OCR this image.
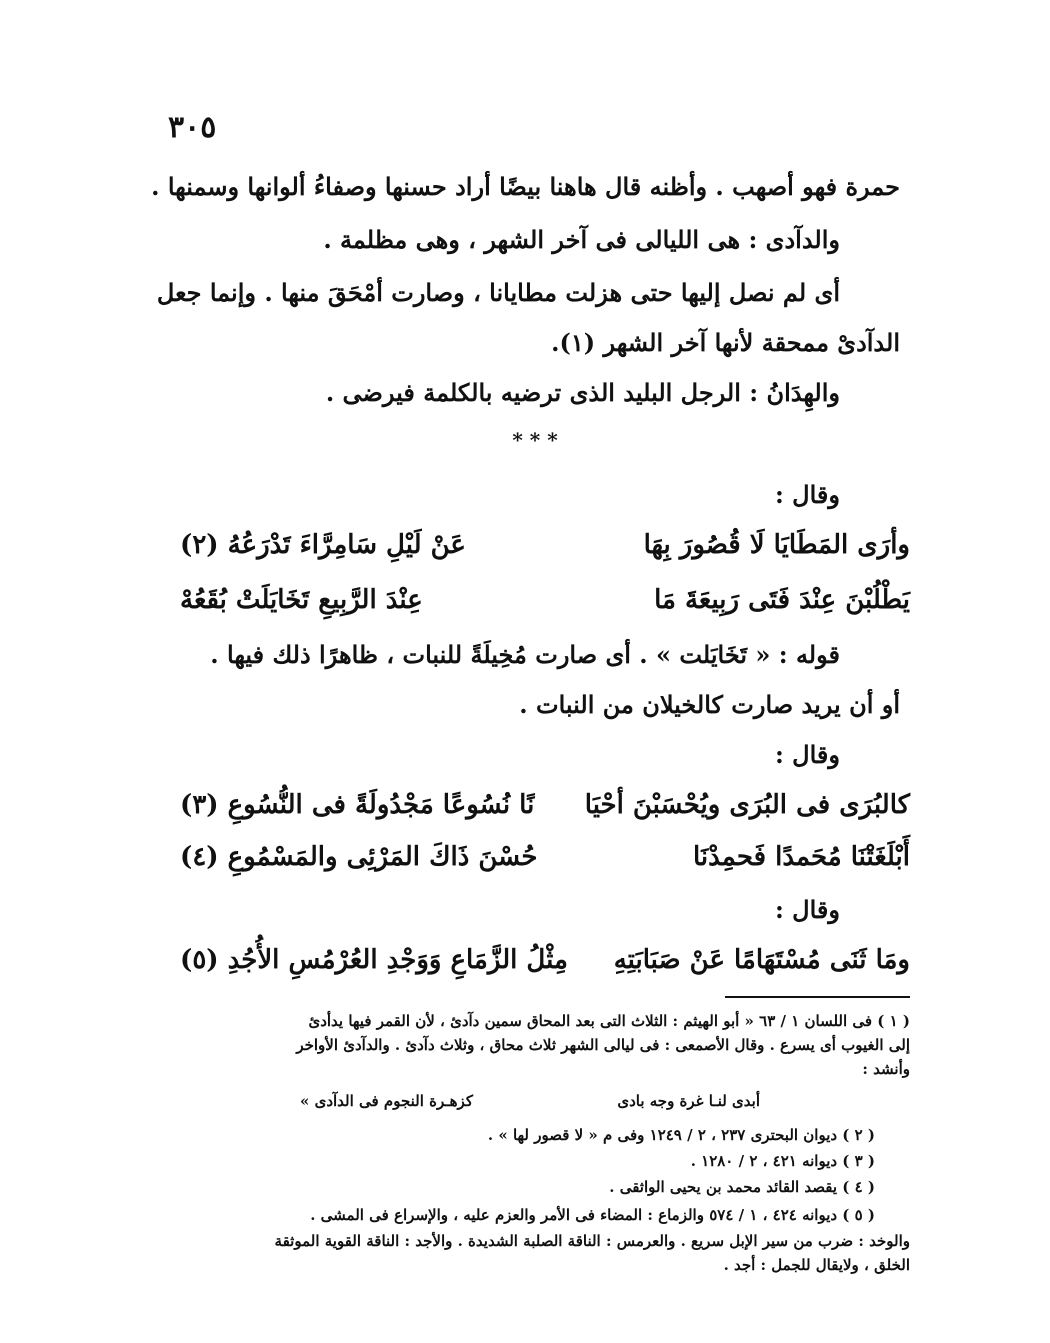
٣٠٥
حمرة فهو أصهب . وأظنه قال هاهنا بيضًا أراد حسنها وصفاءُ ألوانها وسمنها .
والدآدى : هى الليالى فى آخر الشهر ، وهى مظلمة .
أى لم نصل إليها حتى هزلت مطايانا ، وصارت أمْحَقَ منها . وإنما جعل
الدآدىْ ممحقة لأنها آخر الشهر (١).
والهِدَانُ : الرجل البليد الذى ترضيه بالكلمة فيرضى .
* * *
وقال :
وأرَى المَطَايَا لَا قُصُورَ بِهَا
عَنْ لَيْلِ سَامِرَّاءَ تَدْرَعُهُ (٢)
يَطْلُبْنَ عِنْدَ فَتَى رَبِيعَةَ مَا
عِنْدَ الرَّبِيعِ تَخَايَلَتْ بُقَعُهْ
قوله : « تَخَايَلت » . أى صارت مُخِيلَةً للنبات ، ظاهرًا ذلك فيها .
أو أن يريد صارت كالخيلان من النبات .
وقال :
كالبُرَى فى البُرَى ويُحْسَبْنَ أحْيَا
نًا نُسُوعًا مَجْدُولَةً فى النُّسُوعِ (٣)
أَبْلَغَتْنَا مُحَمدًا فَحمِدْنَا
حُسْنَ ذَاكَ المَرْئِى والمَسْمُوعِ (٤)
وقال :
ومَا ثَنَى مُسْتَهَامًا عَنْ صَبَابَتِهِ
مِثْلُ الزَّمَاعِ وَوَجْدِ العُرْمُسِ الأُجُدِ (٥)
( ١ ) فى اللسان ١ / ٦٣ « أبو الهيثم : الثلاث التى بعد المحاق سمين دآدئ ، لأن القمر فيها يدأدئ
إلى الغيوب أى يسرع . وقال الأصمعى : فى ليالى الشهر ثلاث محاق ، وثلاث دآدئ . والدآدئ الأواخر
وأنشد :
أبدى لنـا غرة وجه بادى
كزهـرة النجوم فى الدآدى »
( ٢ ) ديوان البحترى ٢٣٧ ، ٢ / ١٢٤٩ وفى م « لا قصور لها » .
( ٣ ) ديوانه ٤٢١ ، ٢ / ١٢٨٠ .
( ٤ ) يقصد القائد محمد بن يحيى الواثقى .
( ٥ ) ديوانه ٤٢٤ ، ١ / ٥٧٤ والزماع : المضاء فى الأمر والعزم عليه ، والإسراع فى المشى .
والوخد : ضرب من سير الإبل سريع . والعرمس : الناقة الصلبة الشديدة . والأجد : الناقة القوية الموثقة
الخلق ، ولايقال للجمل : أجد .
